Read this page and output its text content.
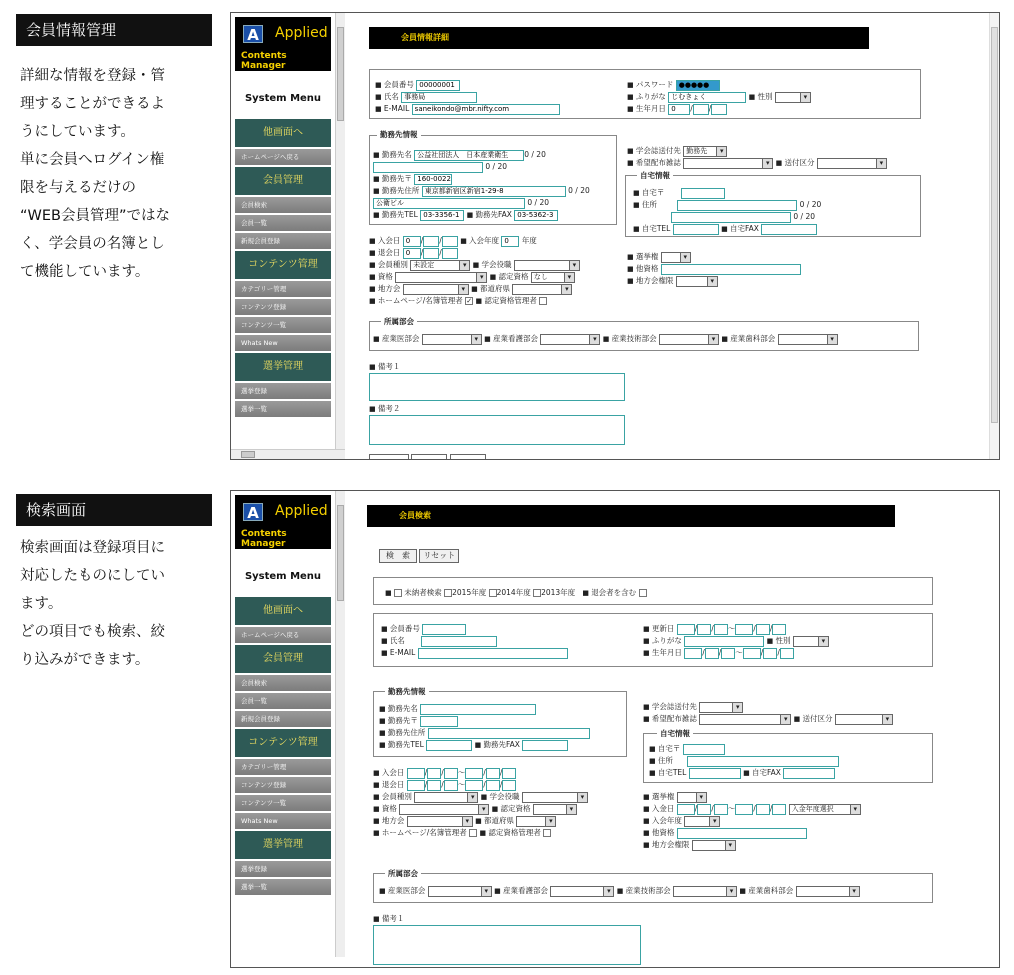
会員情報管理
詳細な情報を登録・管
理することができるよ
うにしています。
単に会員へログイン権
限を与えるだけの
“WEB会員管理”ではな
く、学会員の名簿とし
て機能しています。
A	Applied
Contents Manager
System Menu
他画面へ
ホームページへ戻る
会員管理
会員検索
会員一覧
新規会員登録
コンテンツ管理
カテゴリー管理
コンテンツ登録
コンテンツ一覧
Whats New
選挙管理
選挙登録
選挙一覧
会員情報詳細
■ 会員番号 00000001
■ 氏名 事務局
■ E-MAIL saneikondo@mbr.nifty.com
■ パスワード ●●●●●
■ ふりがな じむきょく	■ 性別 ▾
■ 生年月日 0 / /
勤務先情報
■ 勤務先名 公益社団法人　日本産業衛生 0 / 20
0 / 20
■ 勤務先〒 160-0022
■ 勤務先住所 東京都新宿区新宿1-29-8	0 / 20
公衛ビル	0 / 20
■ 勤務先TEL 03-3356-1 ■ 勤務先FAX 03-5362-3
■ 学会誌送付先 勤務先 ▾
■ 希望配布雑誌 ▾	■ 送付区分 ▾
自宅情報
■ 自宅〒
■ 住所	0 / 20
0 / 20
■ 自宅TEL	■ 自宅FAX
■ 入会日 0 / /	■ 入会年度 0 年度
■ 退会日 0 / /
■ 会員種別 未設定 ▾	■ 学会役職 ▾
■ 資格 ▾	■ 認定資格 なし ▾
■ 地方会 ▾	■ 都道府県 ▾
■ ホームページ/名簿管理者 ✓ ■ 認定資格管理者
■ 選挙権 ▾
■ 他資格
■ 地方会権限 ▾
所属部会
■ 産業医部会 ▾	■ 産業看護部会 ▾	■ 産業技術部会 ▾	■ 産業歯科部会 ▾
■ 備考１
■ 備考２

検索画面
検索画面は登録項目に
対応したものにしてい
ます。
どの項目でも検索、絞
り込みができます。
A	Applied
Contents Manager
System Menu
他画面へ
ホームページへ戻る
会員管理
会員検索
会員一覧
新規会員登録
コンテンツ管理
カテゴリー管理
コンテンツ登録
コンテンツ一覧
Whats New
選挙管理
選挙登録
選挙一覧
会員検索
検　索 リセット
■  未納者検索 2015年度 2014年度 2013年度 ■ 退会者を含む
■ 会員番号
■ 氏名
■ E-MAIL
■ 更新日	/ / ～ / /
■ ふりがな	■ 性別 ▾
■ 生年月日	/ / ～ / /
勤務先情報
■ 勤務先名
■ 勤務先〒
■ 勤務先住所
■ 勤務先TEL	■ 勤務先FAX
■ 学会誌送付先 ▾
■ 希望配布雑誌 ▾	■ 送付区分 ▾
自宅情報
■ 自宅〒
■ 住所
■ 自宅TEL	■ 自宅FAX
■ 入会日	/ / ～ / /
■ 退会日	/ / ～ / /
■ 会員種別 ▾	■ 学会役職 ▾
■ 資格 ▾	■ 認定資格 ▾
■ 地方会 ▾	■ 都道府県 ▾
■ ホームページ/名簿管理者 ■ 認定資格管理者
■ 選挙権 ▾
■ 入金日	/ / ～ / /	入金年度選択 ▾
■ 入会年度 ▾
■ 他資格
■ 地方会権限 ▾
所属部会
■ 産業医部会 ▾	■ 産業看護部会 ▾	■ 産業技術部会 ▾	■ 産業歯科部会 ▾
■ 備考１
